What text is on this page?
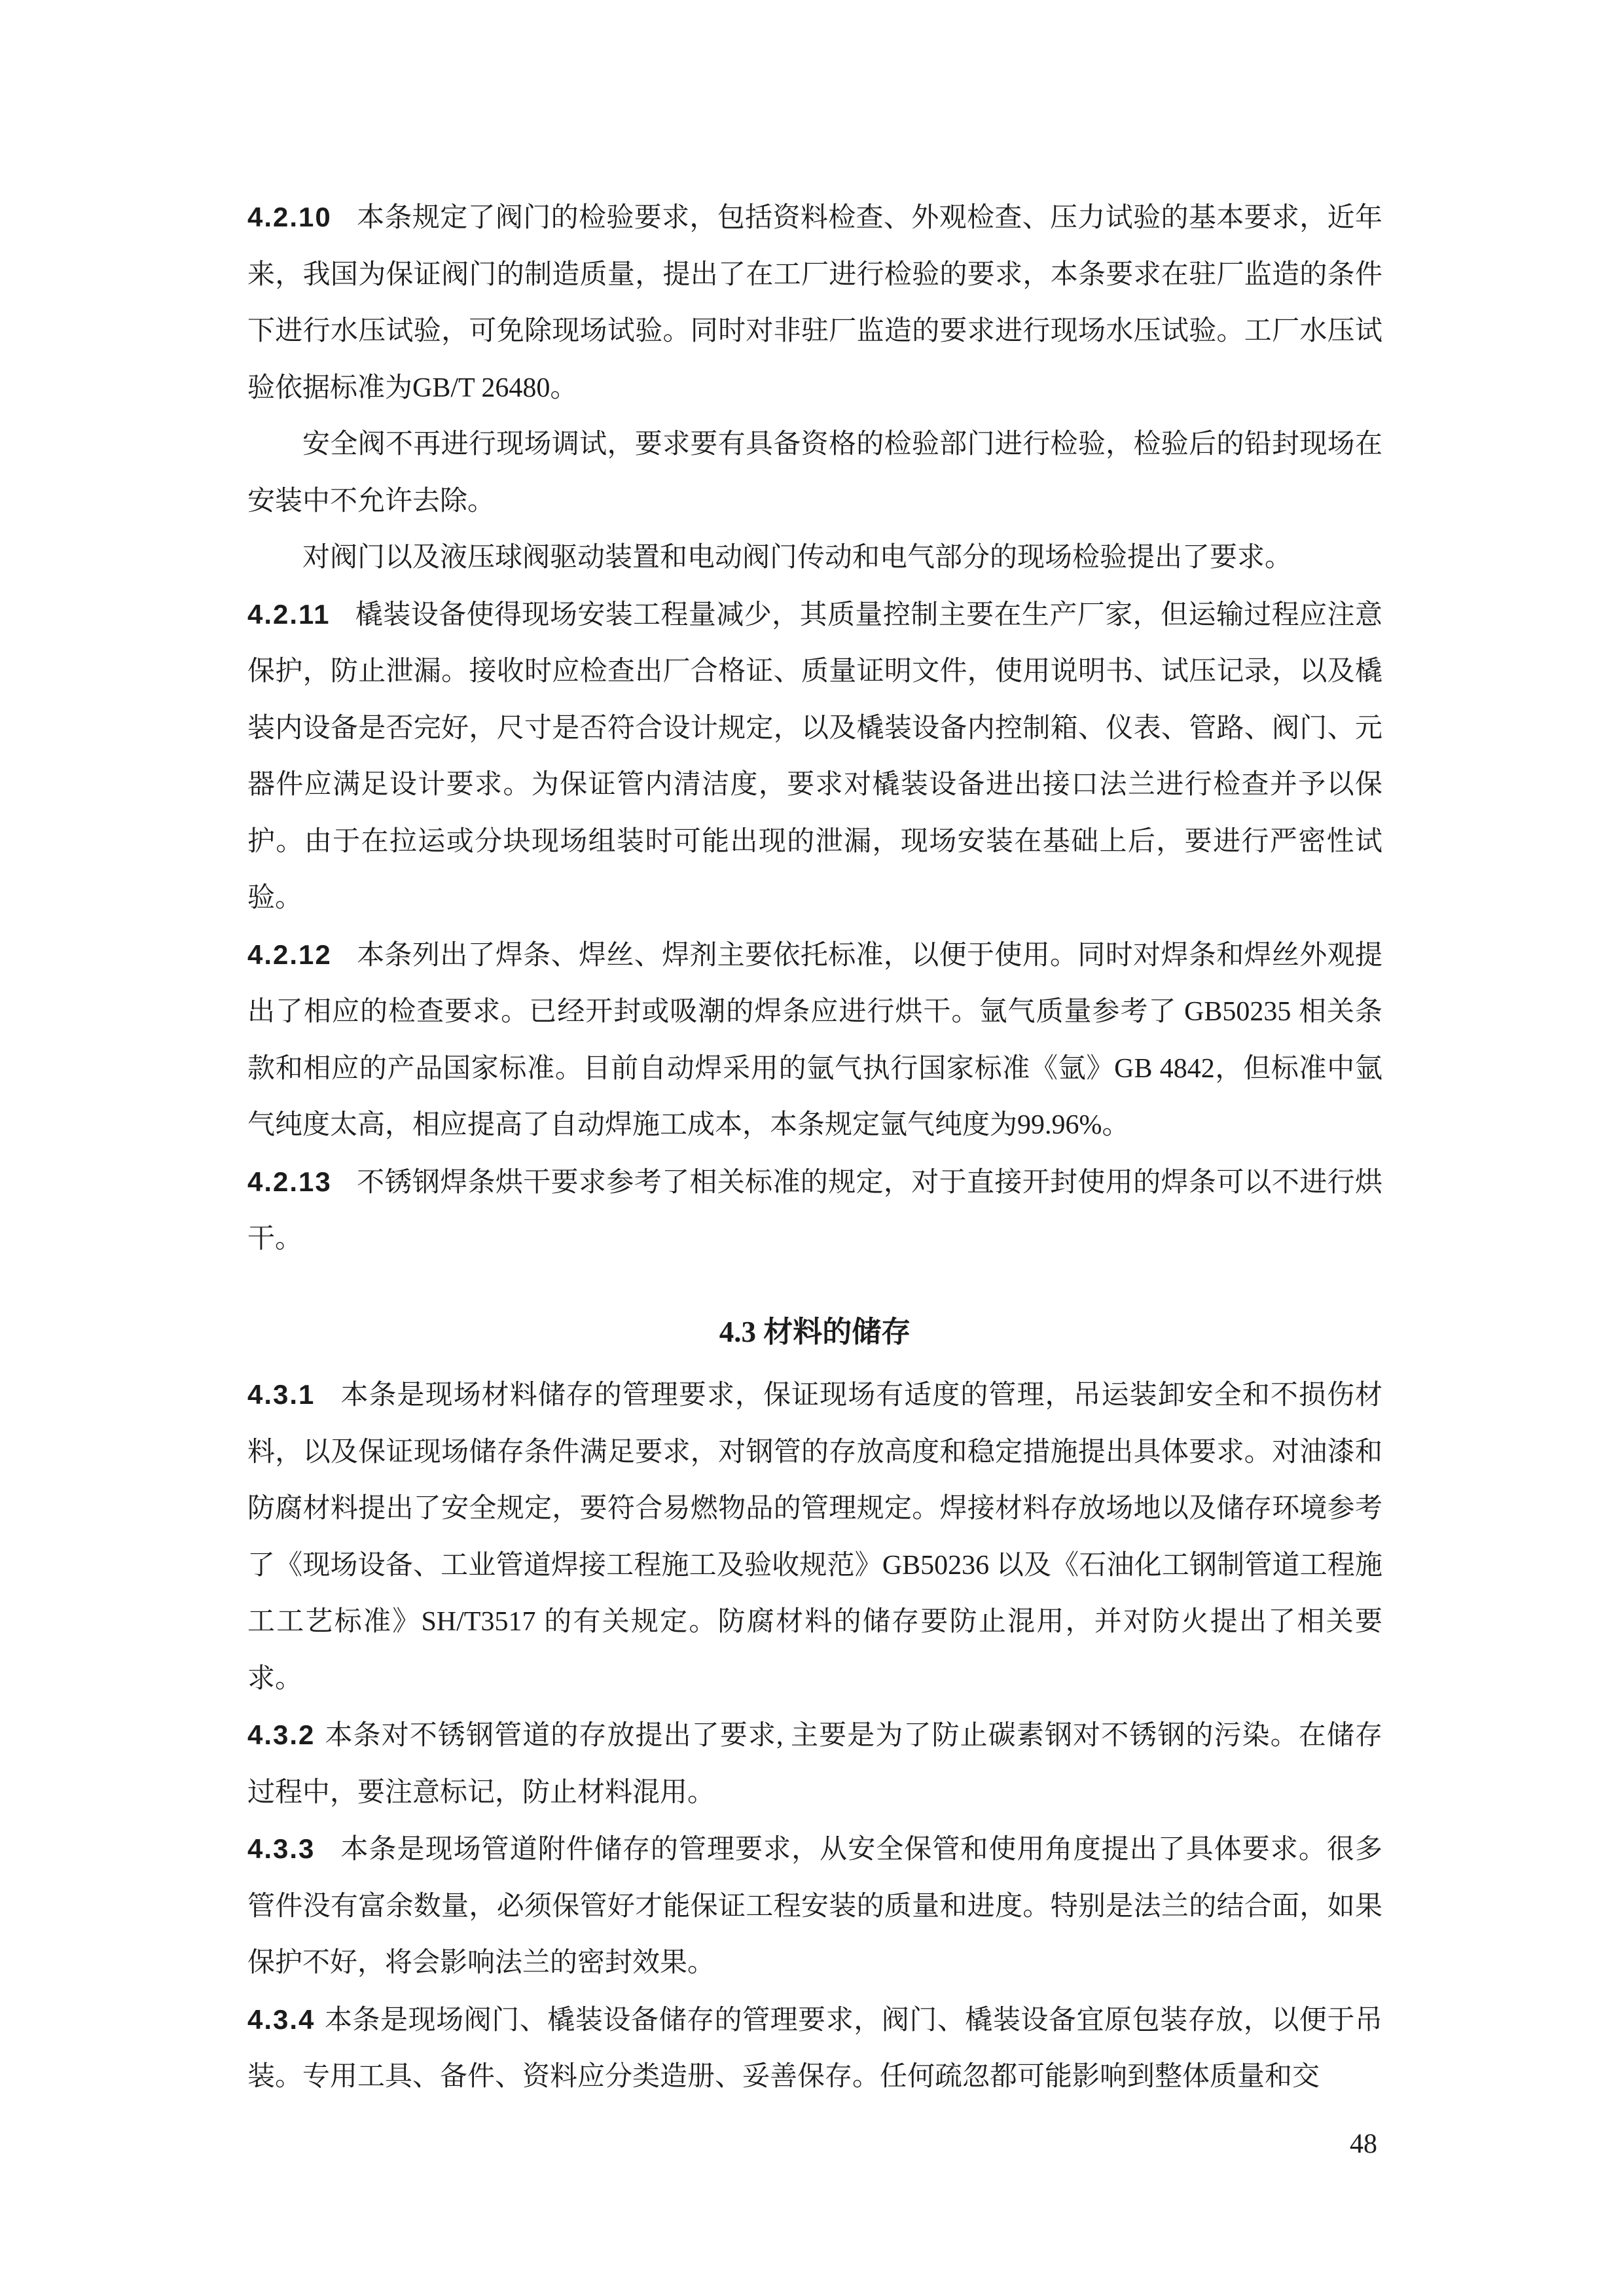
4.2.10 本条规定了阀门的检验要求，包括资料检查、外观检查、压力试验的基本要求，近年来，我国为保证阀门的制造质量，提出了在工厂进行检验的要求，本条要求在驻厂监造的条件下进行水压试验，可免除现场试验。同时对非驻厂监造的要求进行现场水压试验。工厂水压试验依据标准为GB/T 26480。

安全阀不再进行现场调试，要求要有具备资格的检验部门进行检验，检验后的铅封现场在安装中不允许去除。

对阀门以及液压球阀驱动装置和电动阀门传动和电气部分的现场检验提出了要求。

4.2.11 橇装设备使得现场安装工程量减少，其质量控制主要在生产厂家，但运输过程应注意保护，防止泄漏。接收时应检查出厂合格证、质量证明文件，使用说明书、试压记录，以及橇装内设备是否完好，尺寸是否符合设计规定，以及橇装设备内控制箱、仪表、管路、阀门、元器件应满足设计要求。为保证管内清洁度，要求对橇装设备进出接口法兰进行检查并予以保护。由于在拉运或分块现场组装时可能出现的泄漏，现场安装在基础上后，要进行严密性试验。

4.2.12 本条列出了焊条、焊丝、焊剂主要依托标准，以便于使用。同时对焊条和焊丝外观提出了相应的检查要求。已经开封或吸潮的焊条应进行烘干。氩气质量参考了 GB50235 相关条款和相应的产品国家标准。目前自动焊采用的氩气执行国家标准《氩》GB 4842，但标准中氩气纯度太高，相应提高了自动焊施工成本，本条规定氩气纯度为99.96%。

4.2.13 不锈钢焊条烘干要求参考了相关标准的规定，对于直接开封使用的焊条可以不进行烘干。

4.3 材料的储存

4.3.1 本条是现场材料储存的管理要求，保证现场有适度的管理，吊运装卸安全和不损伤材料，以及保证现场储存条件满足要求，对钢管的存放高度和稳定措施提出具体要求。对油漆和防腐材料提出了安全规定，要符合易燃物品的管理规定。焊接材料存放场地以及储存环境参考了《现场设备、工业管道焊接工程施工及验收规范》GB50236 以及《石油化工钢制管道工程施工工艺标准》SH/T3517 的有关规定。防腐材料的储存要防止混用，并对防火提出了相关要求。

4.3.2 本条对不锈钢管道的存放提出了要求, 主要是为了防止碳素钢对不锈钢的污染。在储存过程中，要注意标记，防止材料混用。

4.3.3 本条是现场管道附件储存的管理要求，从安全保管和使用角度提出了具体要求。很多管件没有富余数量，必须保管好才能保证工程安装的质量和进度。特别是法兰的结合面，如果保护不好，将会影响法兰的密封效果。

4.3.4 本条是现场阀门、橇装设备储存的管理要求，阀门、橇装设备宜原包装存放，以便于吊装。专用工具、备件、资料应分类造册、妥善保存。任何疏忽都可能影响到整体质量和交

48
